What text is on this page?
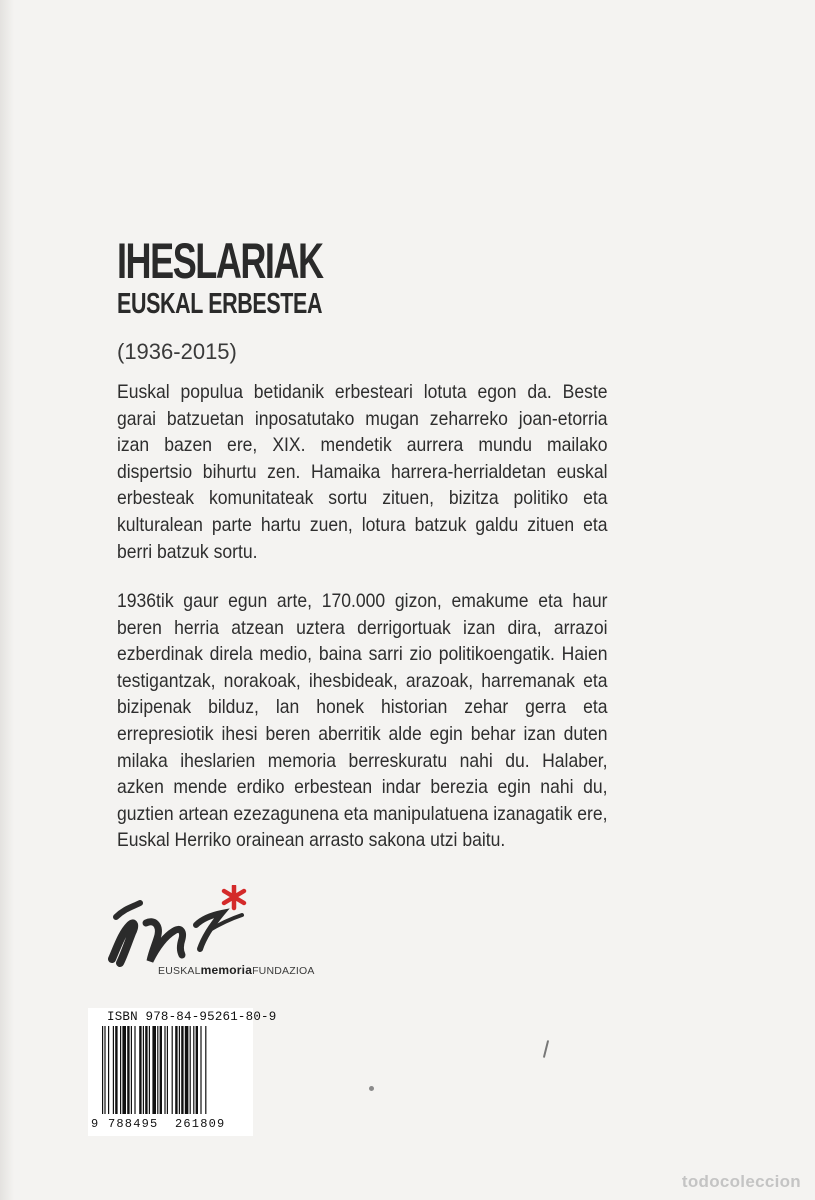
IHESLARIAK
EUSKAL ERBESTEA
(1936-2015)

Euskal populua betidanik erbesteari lotuta egon da. Beste garai batzuetan inposatutako mugan zeharreko joan-etorria izan bazen ere, XIX. mendetik aurrera mundu mailako dispertsio bihurtu zen. Hamaika harrera-herrialdetan euskal erbesteak komunitateak sortu zituen, bizitza politiko eta kulturalean parte hartu zuen, lotura batzuk galdu zituen eta berri batzuk sortu.

1936tik gaur egun arte, 170.000 gizon, emakume eta haur beren herria atzean uztera derrigortuak izan dira, arrazoi ezberdinak direla medio, baina sarri zio politikoengatik. Haien testigantzak, norakoak, ihesbideak, arazoak, harremanak eta bizipenak bilduz, lan honek historian zehar gerra eta errepresiotik ihesi beren aberritik alde egin behar izan duten milaka iheslarien memoria berreskuratu nahi du. Halaber, azken mende erdiko erbestean indar berezia egin nahi du, guztien artean ezezagunena eta manipulatuena izanagatik ere, Euskal Herriko orainean arrasto sakona utzi baitu.

EUSKALmemoriaFUNDAZIOA
ISBN 978-84-95261-80-9
9 788495 261809
todocoleccion
